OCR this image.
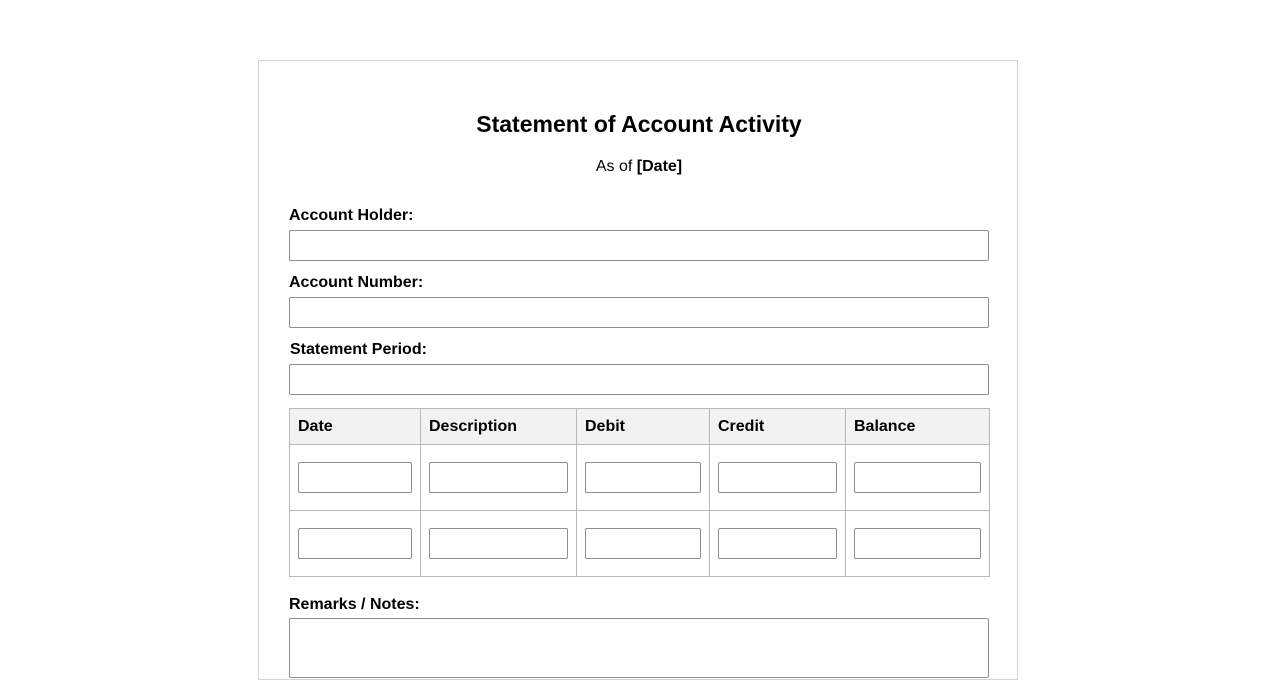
Statement of Account Activity

As of [Date]

Account Holder:
Account Number:
Statement Period:
Date	Description	Debit	Credit	Balance

Remarks / Notes:
